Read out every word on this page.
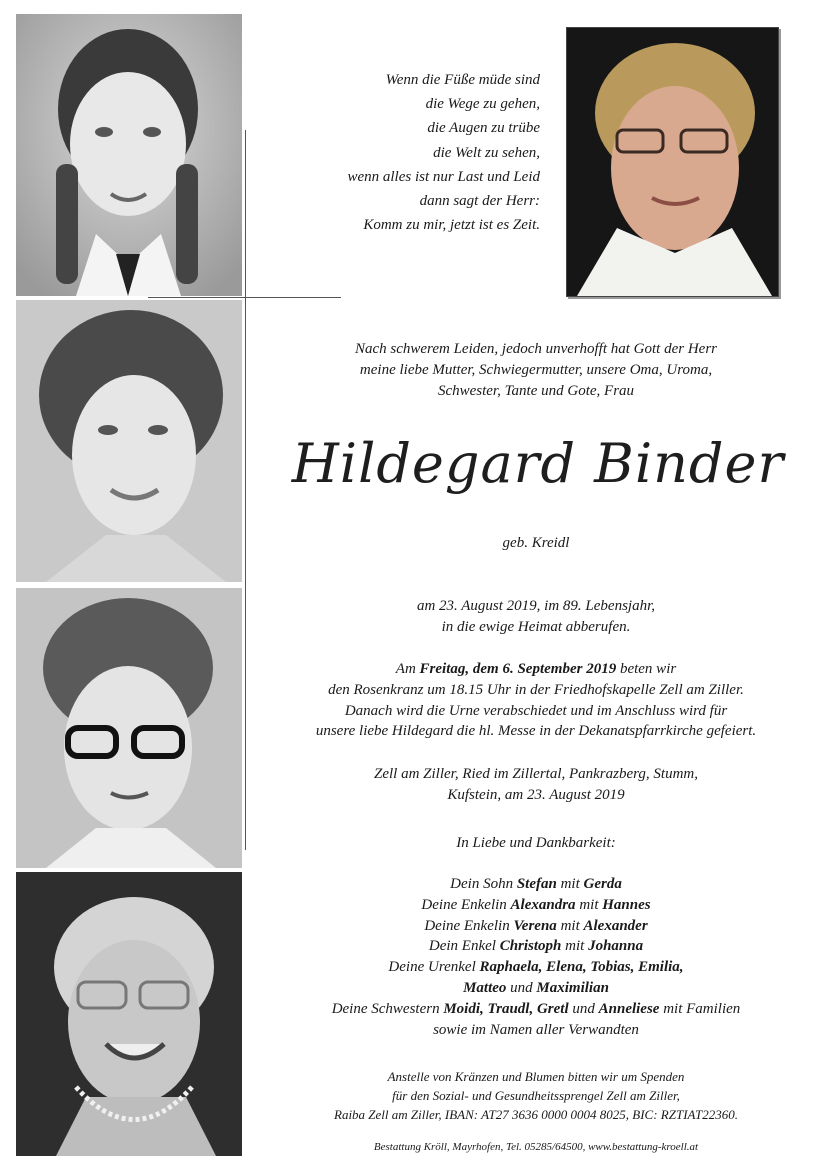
Wenn die Füße müde sind
die Wege zu gehen,
die Augen zu trübe
die Welt zu sehen,
wenn alles ist nur Last und Leid
dann sagt der Herr:
Komm zu mir, jetzt ist es Zeit.
Nach schwerem Leiden, jedoch unverhofft hat Gott der Herr
meine liebe Mutter, Schwiegermutter, unsere Oma, Uroma,
Schwester, Tante und Gote, Frau
Hildegard Binder
geb. Kreidl
am 23. August 2019, im 89. Lebensjahr,
in die ewige Heimat abberufen.
Am Freitag, dem 6. September 2019 beten wir
den Rosenkranz um 18.15 Uhr in der Friedhofskapelle Zell am Ziller.
Danach wird die Urne verabschiedet und im Anschluss wird für
unsere liebe Hildegard die hl. Messe in der Dekanatspfarrkirche gefeiert.
Zell am Ziller, Ried im Zillertal, Pankrazberg, Stumm,
Kufstein, am 23. August 2019
In Liebe und Dankbarkeit:
Dein Sohn Stefan mit Gerda
Deine Enkelin Alexandra mit Hannes
Deine Enkelin Verena mit Alexander
Dein Enkel Christoph mit Johanna
Deine Urenkel Raphaela, Elena, Tobias, Emilia,
Matteo und Maximilian
Deine Schwestern Moidi, Traudl, Gretl und Anneliese mit Familien
sowie im Namen aller Verwandten
Anstelle von Kränzen und Blumen bitten wir um Spenden
für den Sozial- und Gesundheitssprengel Zell am Ziller,
Raiba Zell am Ziller, IBAN: AT27 3636 0000 0004 8025, BIC: RZTIAT22360.
Bestattung Kröll, Mayrhofen, Tel. 05285/64500, www.bestattung-kroell.at
